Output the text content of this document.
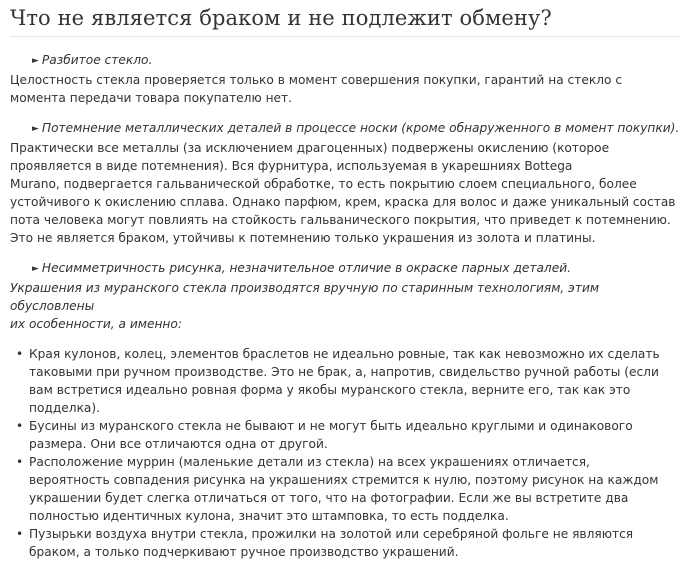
Что не является браком и не подлежит обмену?
► Разбитое стекло.
Целостность стекла проверяется только в момент совершения покупки, гарантий на стекло с
момента передачи товара покупателю нет.
► Потемнение металлических деталей в процессе носки (кроме обнаруженного в момент покупки).
Практически все металлы (за исключением драгоценных) подвержены окислению (которое
проявляется в виде потемнения). Вся фурнитура, используемая в укарешниях Bottega
Murano, подвергается гальванической обработке, то есть покрытию слоем специального, более
устойчивого к окислению сплава. Однако парфюм, крем, краска для волос и даже уникальный состав
пота человека могут повлиять на стойкость гальванического покрытия, что приведет к потемнению.
Это не является браком, утойчивы к потемнению только украшения из золота и платины.
► Несимметричность рисунка, незначительное отличие в окраске парных деталей.
Украшения из муранского стекла производятся вручную по старинным технологиям, этим обусловлены
их особенности, а именно:
• Края кулонов, колец, элементов браслетов не идеально ровные, так как невозможно их сделать
таковыми при ручном производстве. Это не брак, а, напротив, свидельство ручной работы (если
вам встретися идеально ровная форма у якобы муранского стекла, верните его, так как это
подделка).
• Бусины из муранского стекла не бывают и не могут быть идеально круглыми и одинакового
размера. Они все отличаются одна от другой.
• Расположение муррин (маленькие детали из стекла) на всех украшениях отличается,
вероятность совпадения рисунка на украшениях стремится к нулю, поэтому рисунок на каждом
украшении будет слегка отличаться от того, что на фотографии. Если же вы встретите два
полностью идентичных кулона, значит это штамповка, то есть подделка.
• Пузырьки воздуха внутри стекла, прожилки на золотой или серебряной фольге не являются
браком, а только подчеркивают ручное производство украшений.
